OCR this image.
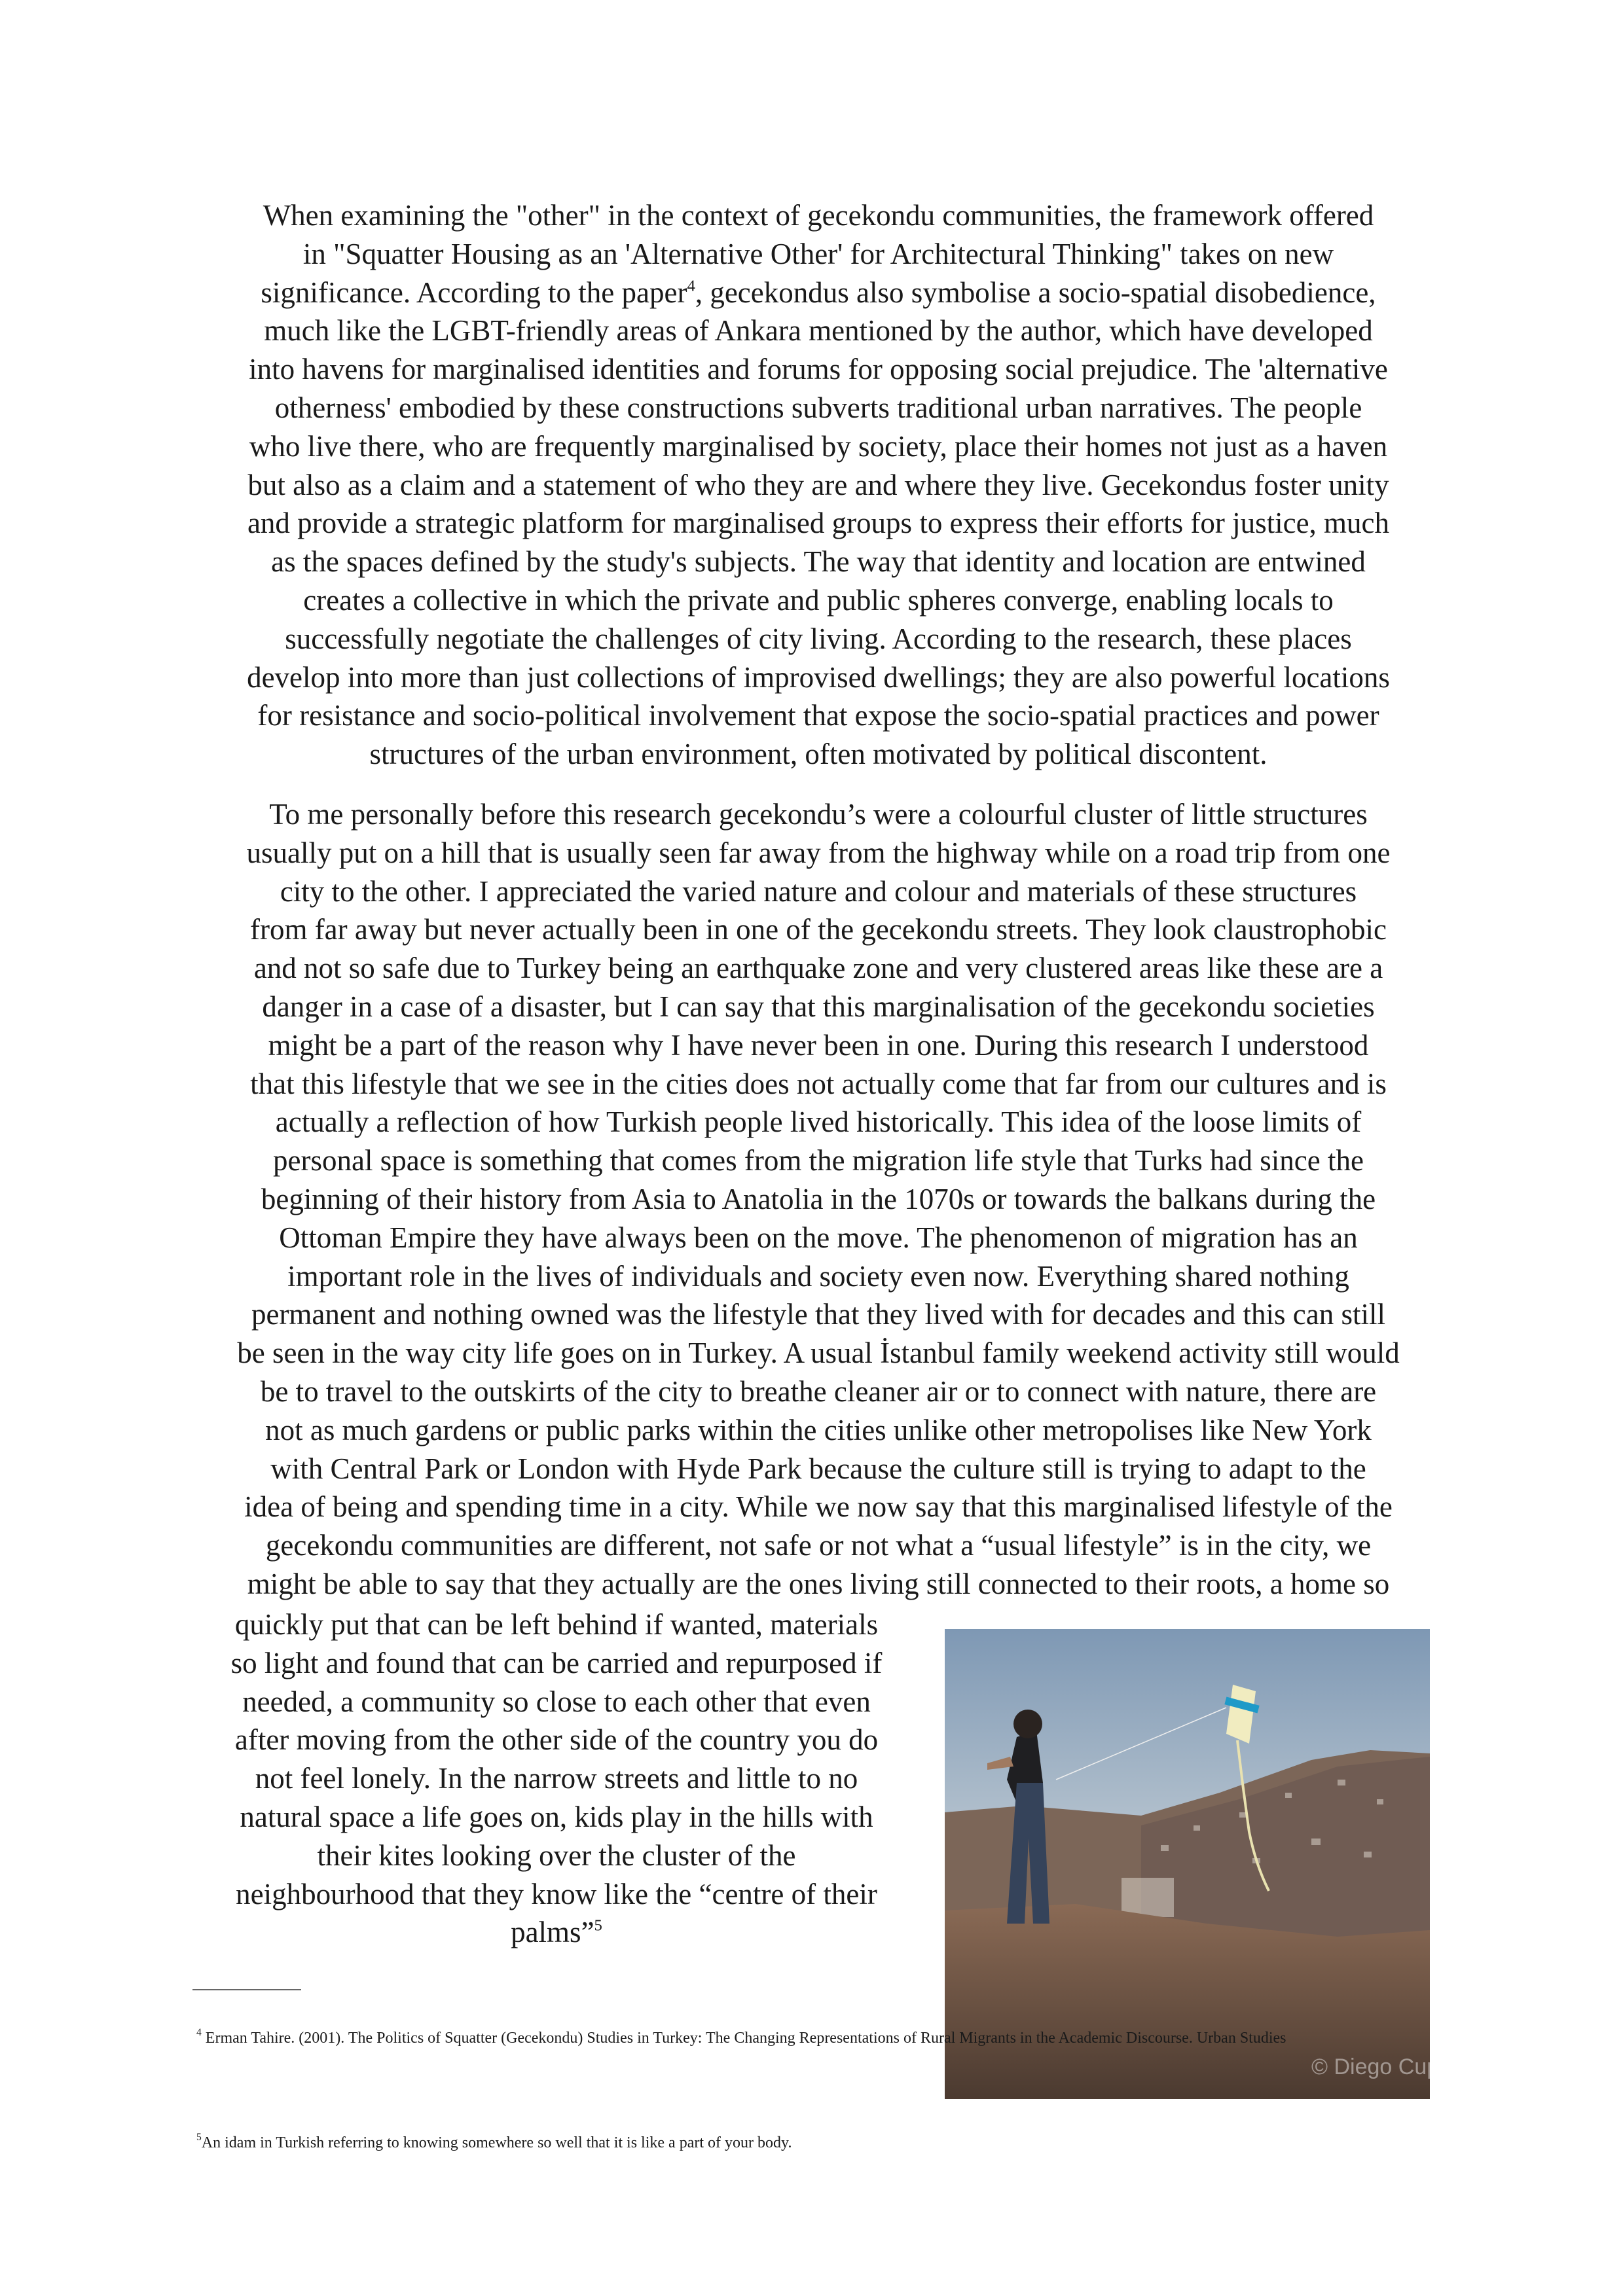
When examining the "other" in the context of gecekondu communities, the framework offered
in "Squatter Housing as an 'Alternative Other' for Architectural Thinking" takes on new
significance. According to the paper$^4$, gecekondus also symbolise a socio-spatial disobedience,
much like the LGBT-friendly areas of Ankara mentioned by the author, which have developed
into havens for marginalised identities and forums for opposing social prejudice. The 'alternative
otherness' embodied by these constructions subverts traditional urban narratives. The people
who live there, who are frequently marginalised by society, place their homes not just as a haven
but also as a claim and a statement of who they are and where they live. Gecekondus foster unity
and provide a strategic platform for marginalised groups to express their efforts for justice, much
as the spaces defined by the study's subjects. The way that identity and location are entwined
creates a collective in which the private and public spheres converge, enabling locals to
successfully negotiate the challenges of city living. According to the research, these places
develop into more than just collections of improvised dwellings; they are also powerful locations
for resistance and socio-political involvement that expose the socio-spatial practices and power
structures of the urban environment, often motivated by political discontent.
To me personally before this research gecekondu’s were a colourful cluster of little structures
usually put on a hill that is usually seen far away from the highway while on a road trip from one
city to the other. I appreciated the varied nature and colour and materials of these structures
from far away but never actually been in one of the gecekondu streets. They look claustrophobic
and not so safe due to Turkey being an earthquake zone and very clustered areas like these are a
danger in a case of a disaster, but I can say that this marginalisation of the gecekondu societies
might be a part of the reason why I have never been in one. During this research I understood
that this lifestyle that we see in the cities does not actually come that far from our cultures and is
actually a reflection of how Turkish people lived historically. This idea of the loose limits of
personal space is something that comes from the migration life style that Turks had since the
beginning of their history from Asia to Anatolia in the 1070s or towards the balkans during the
Ottoman Empire they have always been on the move. The phenomenon of migration has an
important role in the lives of individuals and society even now. Everything shared nothing
permanent and nothing owned was the lifestyle that they lived with for decades and this can still
be seen in the way city life goes on in Turkey. A usual İstanbul family weekend activity still would
be to travel to the outskirts of the city to breathe cleaner air or to connect with nature, there are
not as much gardens or public parks within the cities unlike other metropolises like New York
with Central Park or London with Hyde Park because the culture still is trying to adapt to the
idea of being and spending time in a city. While we now say that this marginalised lifestyle of the
gecekondu communities are different, not safe or not what a “usual lifestyle” is in the city, we
might be able to say that they actually are the ones living still connected to their roots, a home so
quickly put that can be left behind if wanted, materials
so light and found that can be carried and repurposed if
needed, a community so close to each other that even
after moving from the other side of the country you do
not feel lonely. In the narrow streets and little to no
natural space a life goes on, kids play in the hills with
their kites looking over the cluster of the
neighbourhood that they know like the “centre of their
palms”$^5$
© Diego Cupolo
$^4$ Erman Tahire. (2001). The Politics of Squatter (Gecekondu) Studies in Turkey: The Changing Representations of Rural Migrants in the Academic Discourse. Urban Studies
$^5$An idam in Turkish referring to knowing somewhere so well that it is like a part of your body.
